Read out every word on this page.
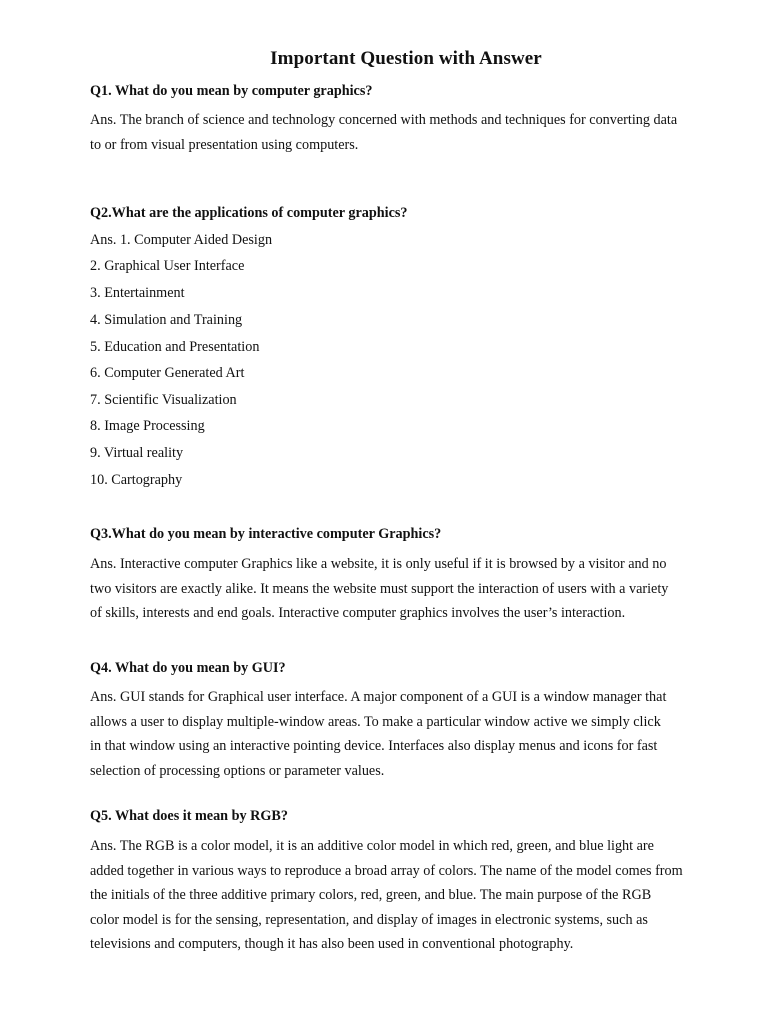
Important Question with Answer
Q1. What do you mean by computer graphics?
Ans. The branch of science and technology concerned with methods and techniques for converting data
to or from visual presentation using computers.
Q2.What are the applications of computer graphics?
Ans. 1. Computer Aided Design
2. Graphical User Interface
3. Entertainment
4. Simulation and Training
5. Education and Presentation
6. Computer Generated Art
7. Scientific Visualization
8. Image Processing
9. Virtual reality
10. Cartography
Q3.What do you mean by interactive computer Graphics?
Ans. Interactive computer Graphics like a website, it is only useful if it is browsed by a visitor and no
two visitors are exactly alike. It means the website must support the interaction of users with a variety
of skills, interests and end goals. Interactive computer graphics involves the user’s interaction.
Q4. What do you mean by GUI?
Ans. GUI stands for Graphical user interface. A major component of a GUI is a window manager that
allows a user to display multiple-window areas. To make a particular window active we simply click
in that window using an interactive pointing device. Interfaces also display menus and icons for fast
selection of processing options or parameter values.
Q5. What does it mean by RGB?
Ans. The RGB is a color model, it is an additive color model in which red, green, and blue light are
added together in various ways to reproduce a broad array of colors. The name of the model comes from
the initials of the three additive primary colors, red, green, and blue. The main purpose of the RGB
color model is for the sensing, representation, and display of images in electronic systems, such as
televisions and computers, though it has also been used in conventional photography.
